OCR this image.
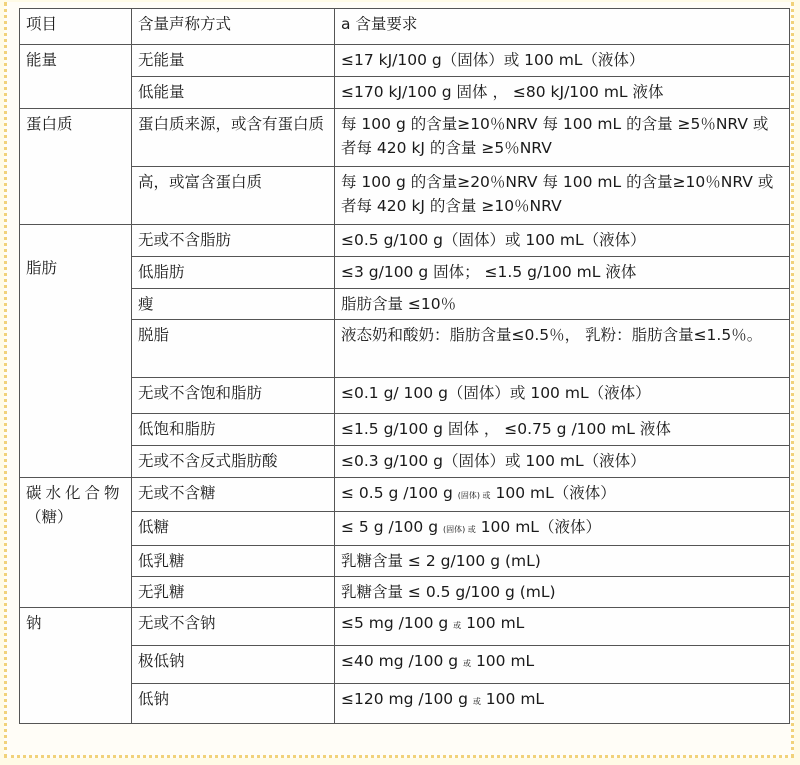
项目	含量声称方式	a 含量要求
能量	无能量	≤17 kJ/100 g（固体）或 100 mL（液体）
	低能量	≤170 kJ/100 g 固体 ， ≤80 kJ/100 mL 液体
蛋白质	蛋白质来源，或含有蛋白质	每 100 g 的含量≥10％NRV 每 100 mL 的含量 ≥5％NRV 或者每 420 kJ 的含量 ≥5％NRV
	高，或富含蛋白质	每 100 g 的含量≥20％NRV 每 100 mL 的含量≥10％NRV 或者每 420 kJ 的含量 ≥10％NRV

脂肪	无或不含脂肪	≤0.5 g/100 g（固体）或 100 mL（液体）
	低脂肪	≤3 g/100 g 固体； ≤1.5 g/100 mL 液体
	瘦	脂肪含量 ≤10％
	脱脂	液态奶和酸奶：脂肪含量≤0.5％， 乳粉：脂肪含量≤1.5％。
	无或不含饱和脂肪	≤0.1 g/ 100 g（固体）或 100 mL（液体）
	低饱和脂肪	≤1.5 g/100 g 固体 ， ≤0.75 g /100 mL 液体
	无或不含反式脂肪酸	≤0.3 g/100 g（固体）或 100 mL（液体）

碳水化合物
（糖）	无或不含糖	≤ 0.5 g /100 g (固体) 或 100 mL（液体）
	低糖	≤ 5 g /100 g (固体) 或 100 mL（液体）
	低乳糖	乳糖含量 ≤ 2 g/100 g (mL)
	无乳糖	乳糖含量 ≤ 0.5 g/100 g (mL)
钠	无或不含钠	≤5 mg /100 g 或 100 mL
	极低钠	≤40 mg /100 g 或 100 mL
	低钠	≤120 mg /100 g 或 100 mL
